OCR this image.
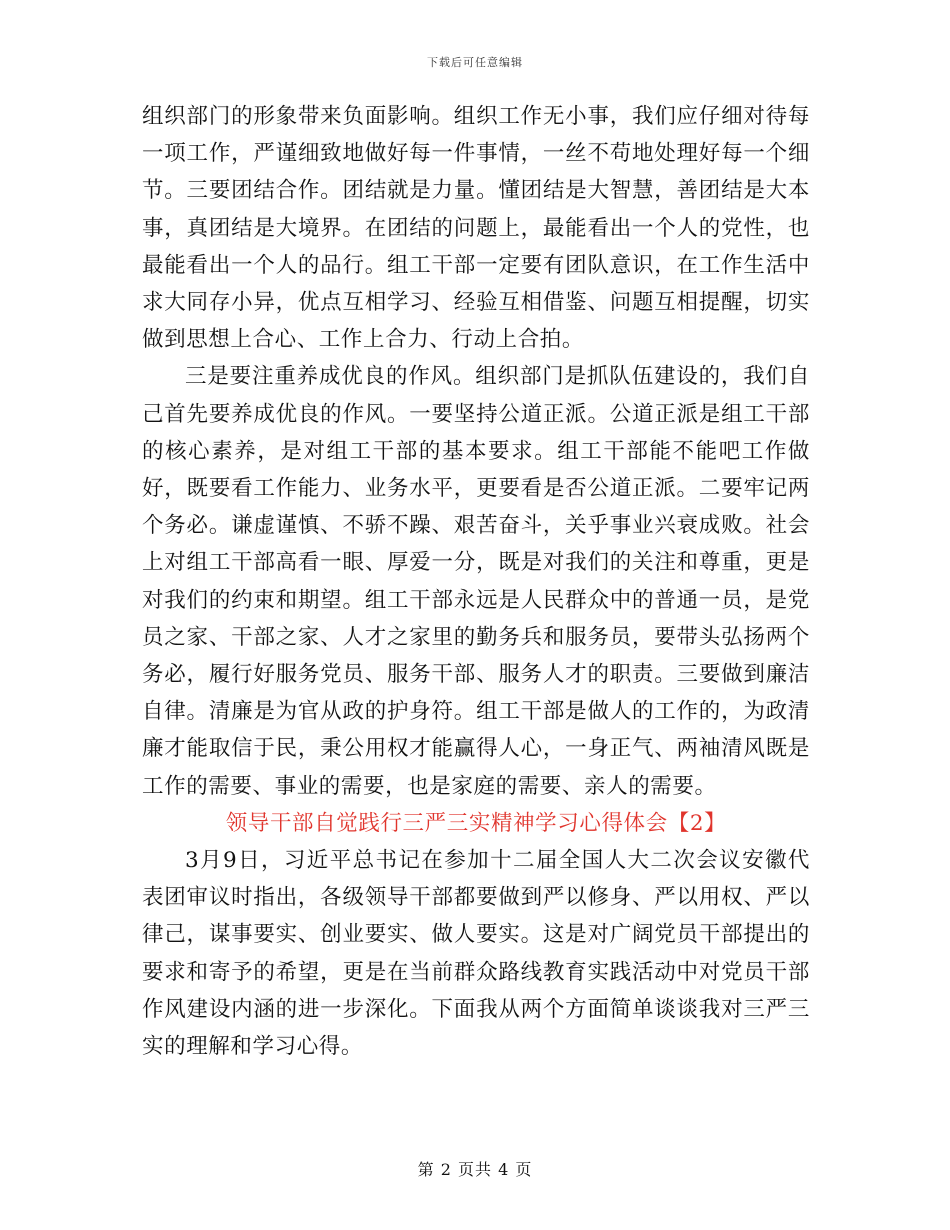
下载后可任意编辑

组织部门的形象带来负面影响。组织工作无小事，我们应仔细对待每一项工作，严谨细致地做好每一件事情，一丝不苟地处理好每一个细节。三要团结合作。团结就是力量。懂团结是大智慧，善团结是大本事，真团结是大境界。在团结的问题上，最能看出一个人的党性，也最能看出一个人的品行。组工干部一定要有团队意识，在工作生活中求大同存小异，优点互相学习、经验互相借鉴、问题互相提醒，切实做到思想上合心、工作上合力、行动上合拍。

三是要注重养成优良的作风。组织部门是抓队伍建设的，我们自己首先要养成优良的作风。一要坚持公道正派。公道正派是组工干部的核心素养，是对组工干部的基本要求。组工干部能不能吧工作做好，既要看工作能力、业务水平，更要看是否公道正派。二要牢记两个务必。谦虚谨慎、不骄不躁、艰苦奋斗，关乎事业兴衰成败。社会上对组工干部高看一眼、厚爱一分，既是对我们的关注和尊重，更是对我们的约束和期望。组工干部永远是人民群众中的普通一员，是党员之家、干部之家、人才之家里的勤务兵和服务员，要带头弘扬两个务必，履行好服务党员、服务干部、服务人才的职责。三要做到廉洁自律。清廉是为官从政的护身符。组工干部是做人的工作的，为政清廉才能取信于民，秉公用权才能赢得人心，一身正气、两袖清风既是工作的需要、事业的需要，也是家庭的需要、亲人的需要。

领导干部自觉践行三严三实精神学习心得体会【2】

3月9日，习近平总书记在参加十二届全国人大二次会议安徽代表团审议时指出，各级领导干部都要做到严以修身、严以用权、严以律己，谋事要实、创业要实、做人要实。这是对广阔党员干部提出的要求和寄予的希望，更是在当前群众路线教育实践活动中对党员干部作风建设内涵的进一步深化。下面我从两个方面简单谈谈我对三严三实的理解和学习心得。

第 2 页共 4 页
